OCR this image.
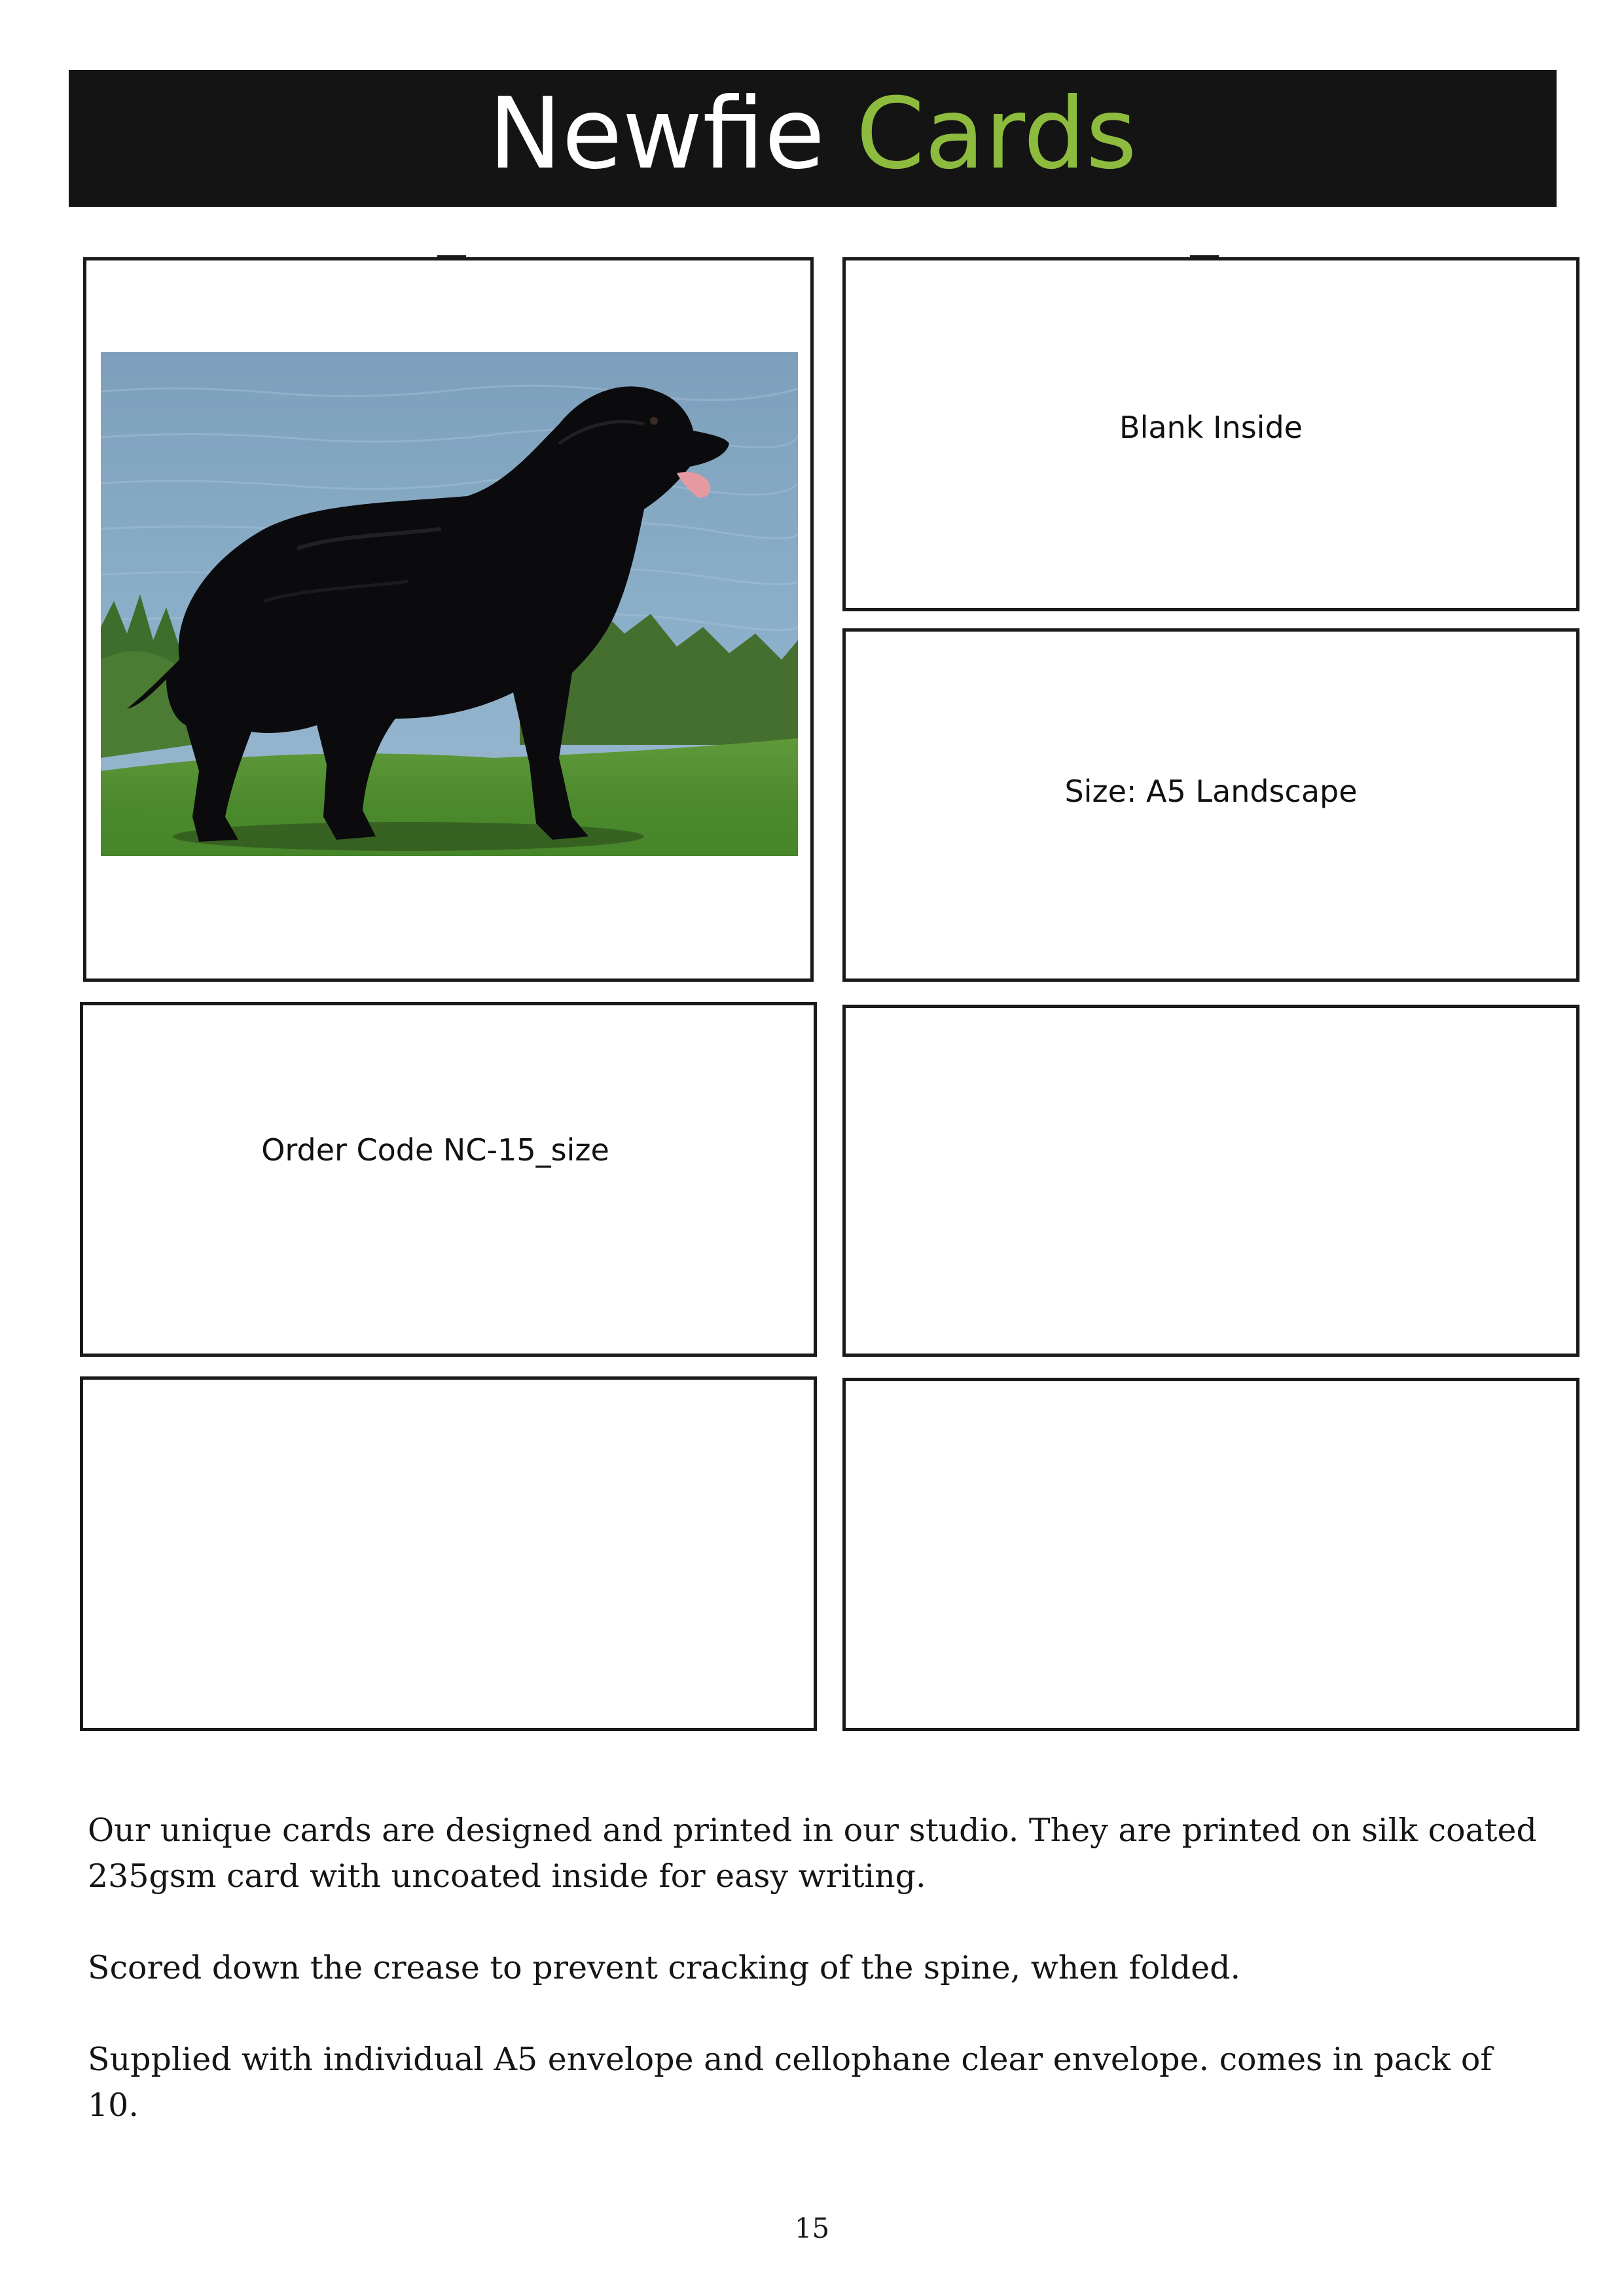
Newfie Cards
Blank Inside
Size: A5 Landscape
Order Code NC-15_size

Our unique cards are designed and printed in our studio. They are printed on silk coated 235gsm card with uncoated inside for easy writing.

Scored down the crease to prevent cracking of the spine, when folded.

Supplied with individual A5 envelope and cellophane clear envelope. comes in pack of 10.

15
